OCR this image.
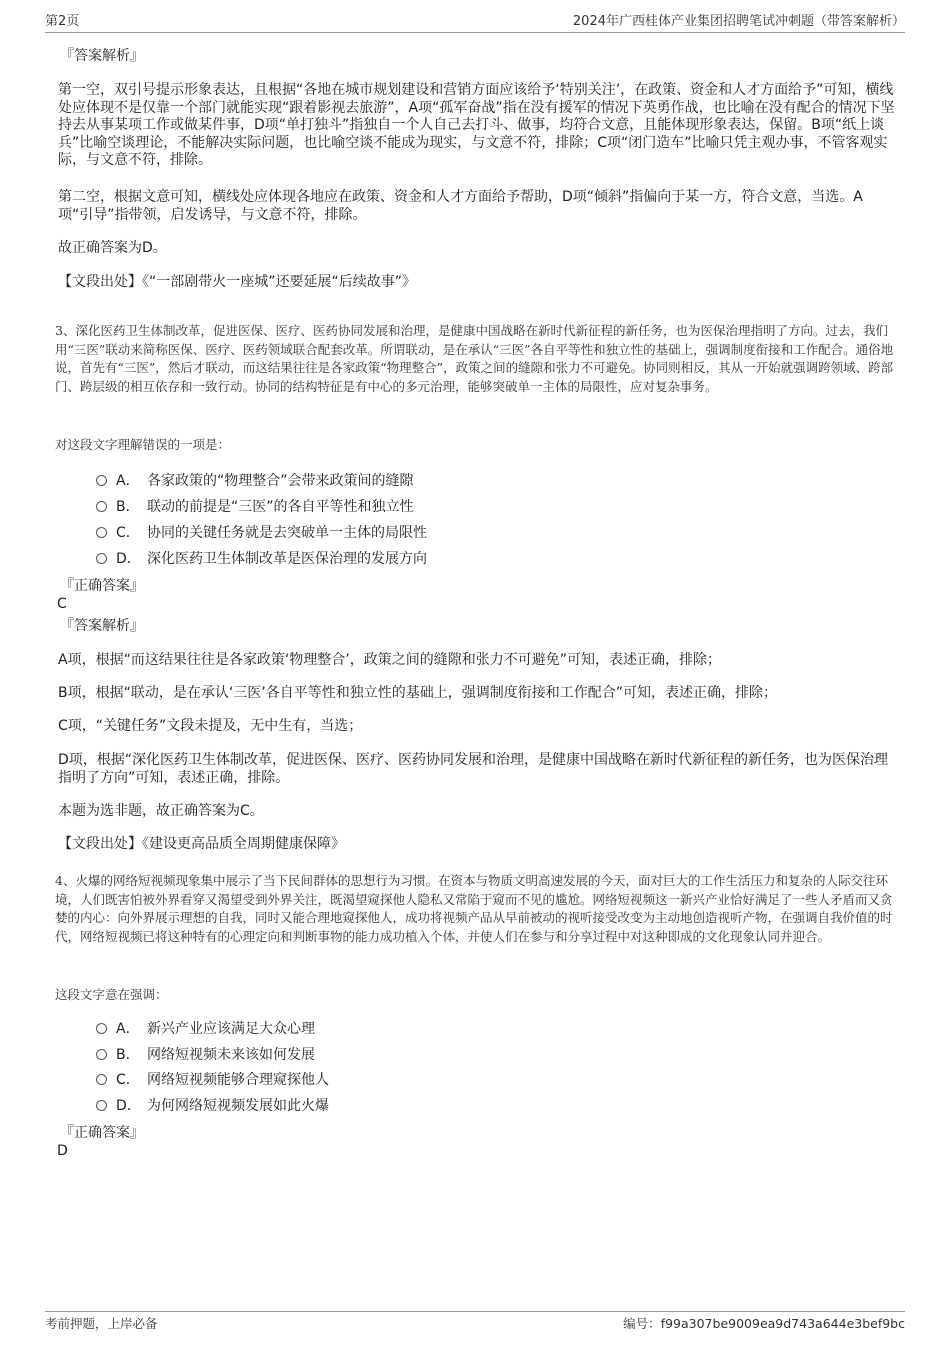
第2页	2024年广西桂体产业集团招聘笔试冲刺题（带答案解析）
『答案解析』
第一空，双引号提示形象表达，且根据“各地在城市规划建设和营销方面应该给予‘特别关注’，在政策、资金和人才方面给予”可知，横线处应体现不是仅靠一个部门就能实现“跟着影视去旅游”，A项“孤军奋战”指在没有援军的情况下英勇作战，也比喻在没有配合的情况下坚持去从事某项工作或做某件事，D项“单打独斗”指独自一个人自己去打斗、做事，均符合文意，且能体现形象表达，保留。B项“纸上谈兵”比喻空谈理论，不能解决实际问题，也比喻空谈不能成为现实，与文意不符，排除；C项“闭门造车”比喻只凭主观办事，不管客观实际，与文意不符，排除。
第二空，根据文意可知，横线处应体现各地应在政策、资金和人才方面给予帮助，D项“倾斜”指偏向于某一方，符合文意，当选。A项“引导”指带领，启发诱导，与文意不符，排除。
故正确答案为D。
【文段出处】《“一部剧带火一座城”还要延展“后续故事”》
3、深化医药卫生体制改革，促进医保、医疗、医药协同发展和治理，是健康中国战略在新时代新征程的新任务，也为医保治理指明了方向。过去，我们用“三医”联动来简称医保、医疗、医药领域联合配套改革。所谓联动，是在承认“三医”各自平等性和独立性的基础上，强调制度衔接和工作配合。通俗地说，首先有“三医”，然后才联动，而这结果往往是各家政策“物理整合”，政策之间的缝隙和张力不可避免。协同则相反，其从一开始就强调跨领域、跨部门、跨层级的相互依存和一致行动。协同的结构特征是有中心的多元治理，能够突破单一主体的局限性，应对复杂事务。
对这段文字理解错误的一项是：
A． 各家政策的“物理整合”会带来政策间的缝隙
B． 联动的前提是“三医”的各自平等性和独立性
C． 协同的关键任务就是去突破单一主体的局限性
D． 深化医药卫生体制改革是医保治理的发展方向
『正确答案』
C
『答案解析』
A项，根据“而这结果往往是各家政策‘物理整合’，政策之间的缝隙和张力不可避免”可知，表述正确，排除；
B项，根据“联动，是在承认‘三医’各自平等性和独立性的基础上，强调制度衔接和工作配合”可知，表述正确，排除；
C项，“关键任务”文段未提及，无中生有，当选；
D项，根据“深化医药卫生体制改革，促进医保、医疗、医药协同发展和治理，是健康中国战略在新时代新征程的新任务，也为医保治理指明了方向”可知，表述正确，排除。
本题为选非题，故正确答案为C。
【文段出处】《建设更高品质全周期健康保障》
4、火爆的网络短视频现象集中展示了当下民间群体的思想行为习惯。在资本与物质文明高速发展的今天，面对巨大的工作生活压力和复杂的人际交往环境，人们既害怕被外界看穿又渴望受到外界关注，既渴望窥探他人隐私又常陷于窥而不见的尴尬。网络短视频这一新兴产业恰好满足了一些人矛盾而又贪婪的内心：向外界展示理想的自我，同时又能合理地窥探他人，成功将视频产品从早前被动的视听接受改变为主动地创造视听产物，在强调自我价值的时代，网络短视频已将这种特有的心理定向和判断事物的能力成功植入个体，并使人们在参与和分享过程中对这种即成的文化现象认同并迎合。
这段文字意在强调：
A． 新兴产业应该满足大众心理
B． 网络短视频未来该如何发展
C． 网络短视频能够合理窥探他人
D． 为何网络短视频发展如此火爆
『正确答案』
D
考前押题，上岸必备	编号：f99a307be9009ea9d743a644e3bef9bc
